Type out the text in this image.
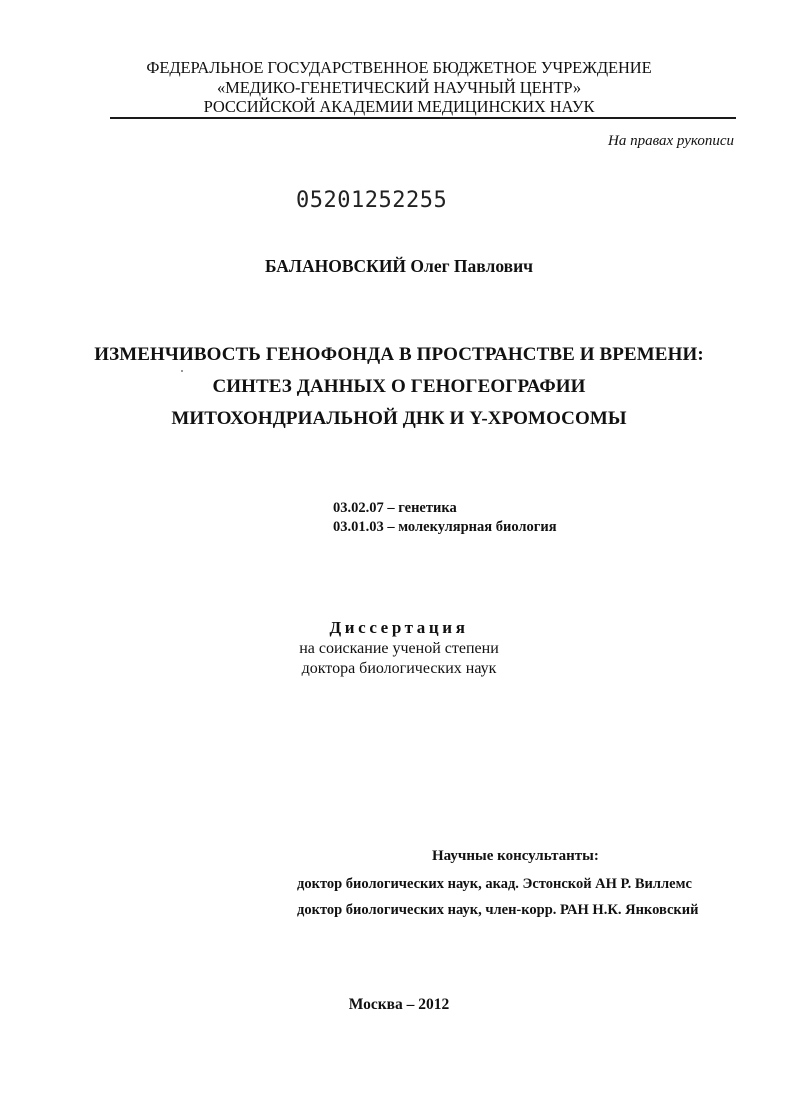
ФЕДЕРАЛЬНОЕ ГОСУДАРСТВЕННОЕ БЮДЖЕТНОЕ УЧРЕЖДЕНИЕ
«МЕДИКО-ГЕНЕТИЧЕСКИЙ НАУЧНЫЙ ЦЕНТР»
РОССИЙСКОЙ АКАДЕМИИ МЕДИЦИНСКИХ НАУК
На правах рукописи
05201252255
БАЛАНОВСКИЙ Олег Павлович
ИЗМЕНЧИВОСТЬ ГЕНОФОНДА В ПРОСТРАНСТВЕ И ВРЕМЕНИ:
СИНТЕЗ ДАННЫХ О ГЕНОГЕОГРАФИИ
МИТОХОНДРИАЛЬНОЙ ДНК И Y-ХРОМОСОМЫ
03.02.07 – генетика
03.01.03 – молекулярная биология
Диссертация
на соискание ученой степени
доктора биологических наук
Научные консультанты:
доктор биологических наук, акад. Эстонской АН Р. Виллемс
доктор биологических наук, член-корр. РАН Н.К. Янковский
Москва – 2012
